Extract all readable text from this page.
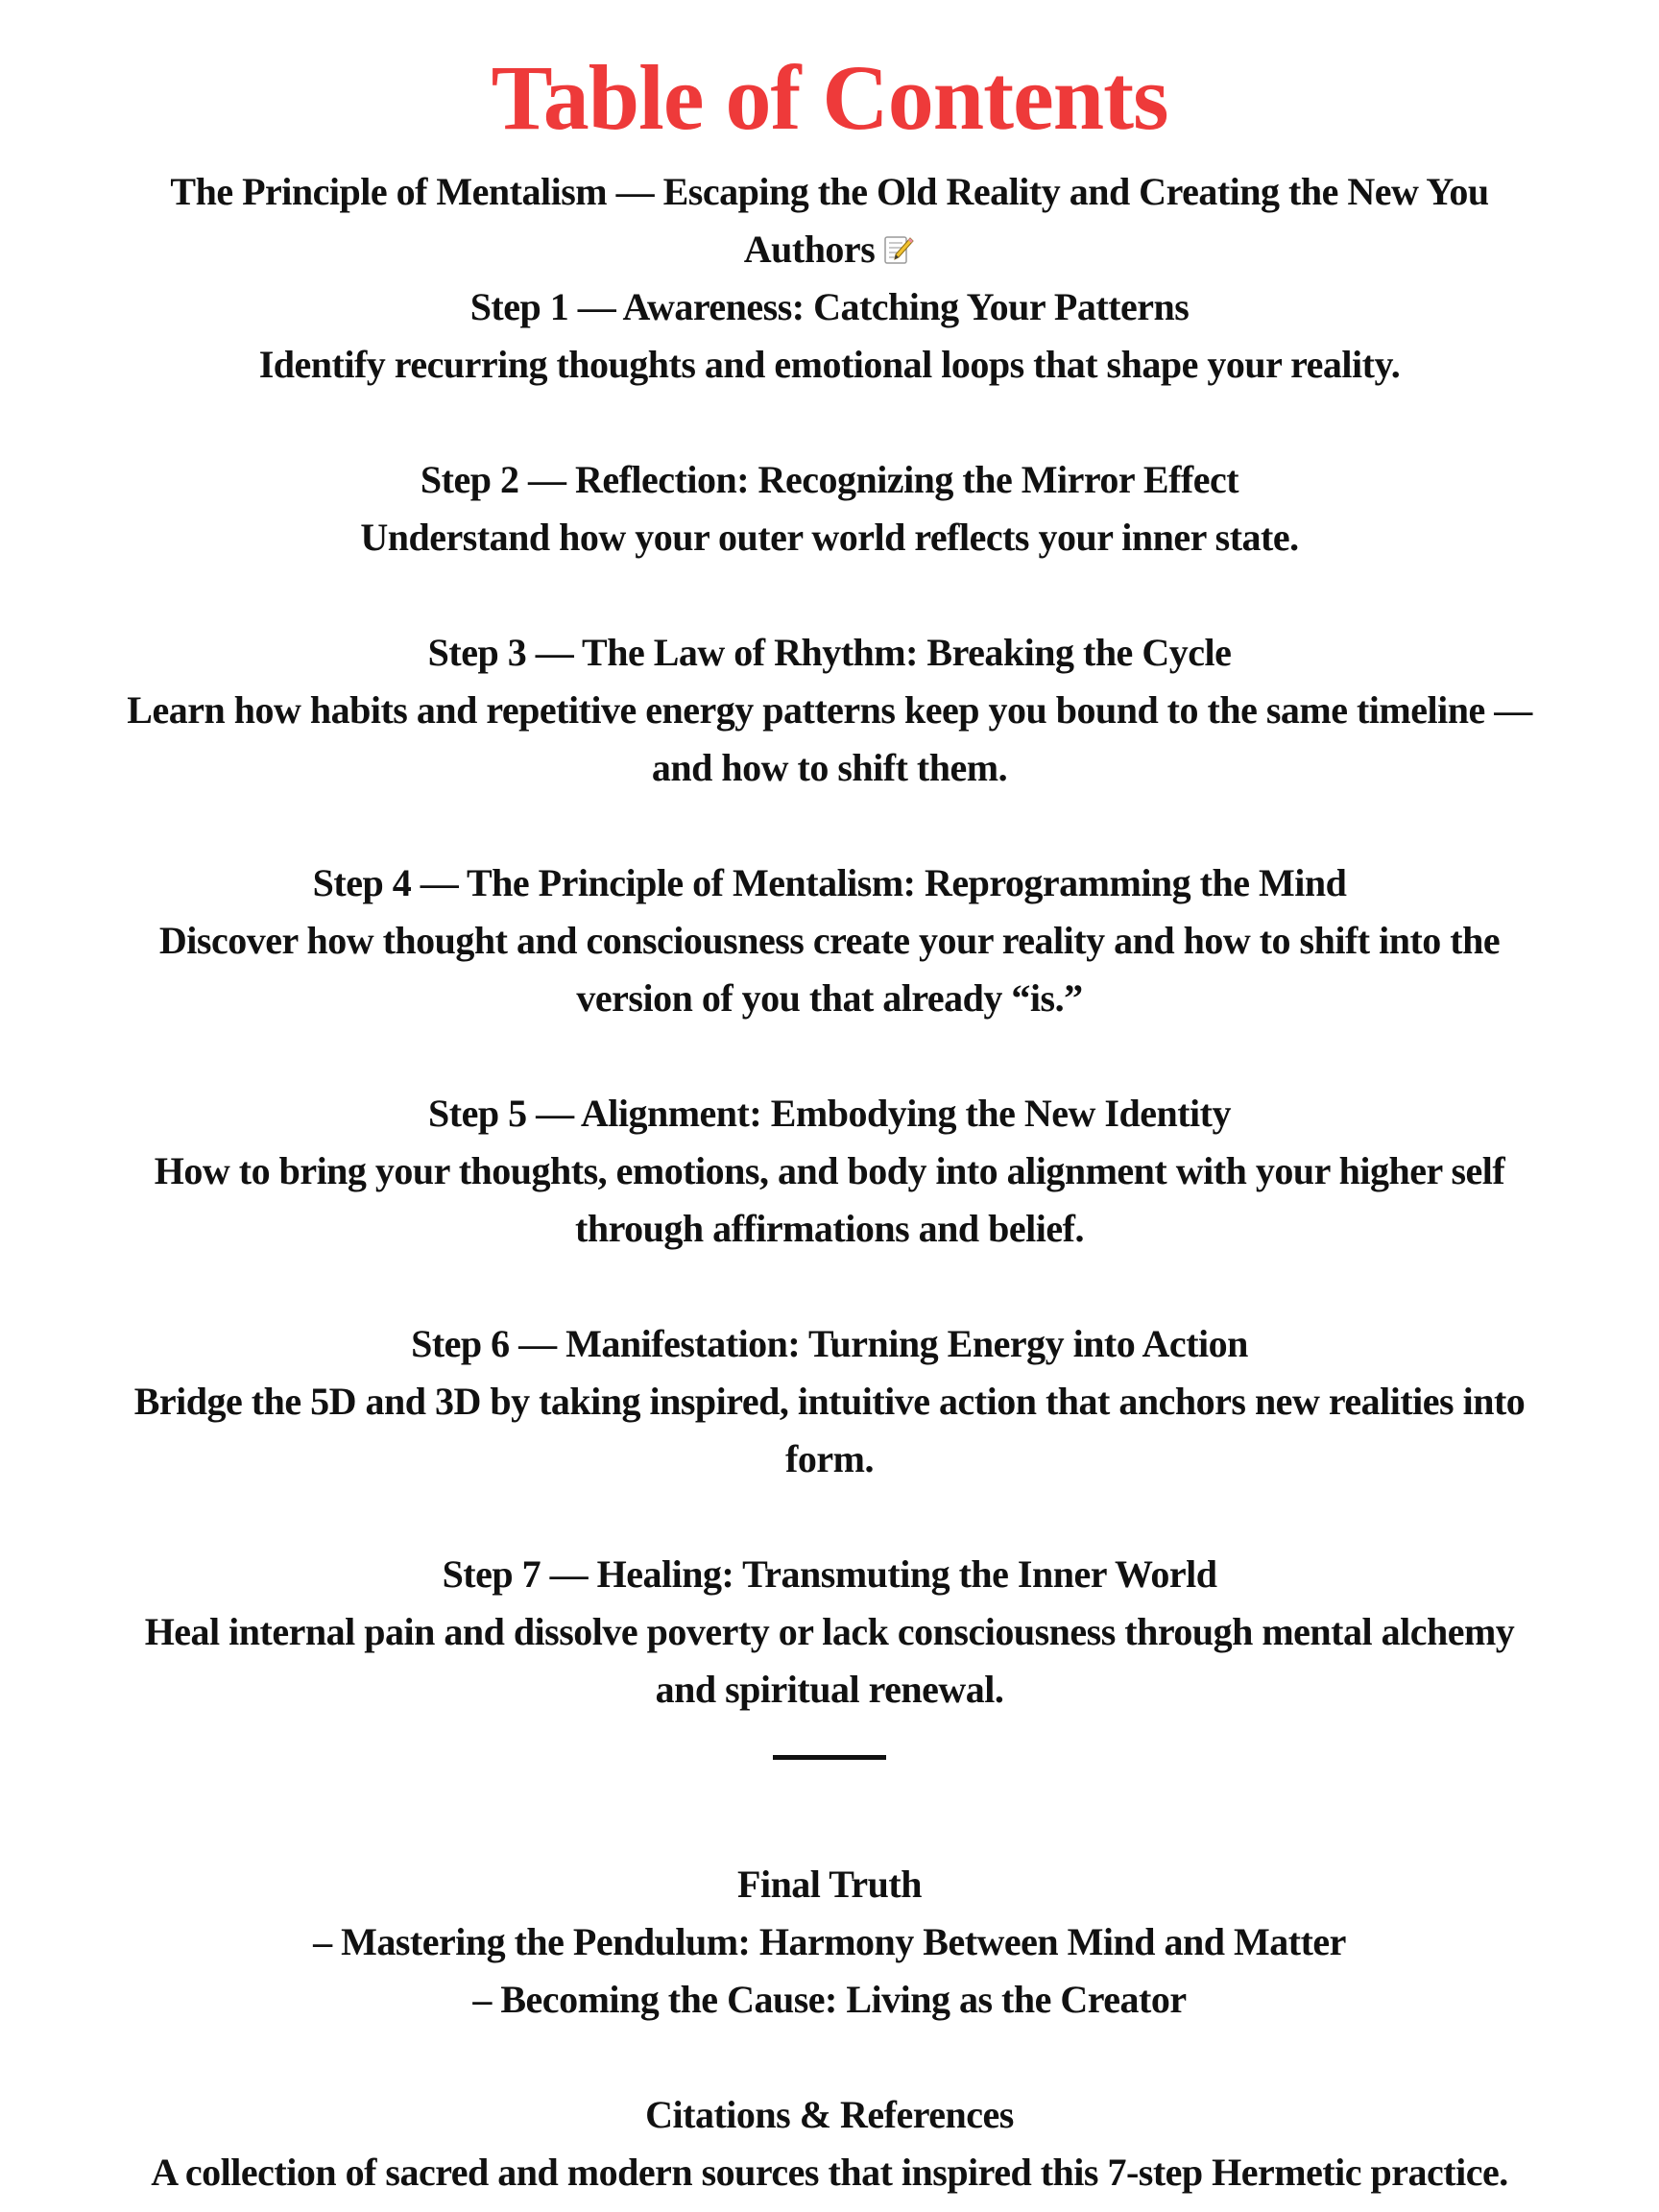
Table of Contents
The Principle of Mentalism — Escaping the Old Reality and Creating the New You
Authors
Step 1 — Awareness: Catching Your Patterns
Identify recurring thoughts and emotional loops that shape your reality.
Step 2 — Reflection: Recognizing the Mirror Effect
Understand how your outer world reflects your inner state.
Step 3 — The Law of Rhythm: Breaking the Cycle
Learn how habits and repetitive energy patterns keep you bound to the same timeline — and how to shift them.
Step 4 — The Principle of Mentalism: Reprogramming the Mind
Discover how thought and consciousness create your reality and how to shift into the version of you that already “is.”
Step 5 — Alignment: Embodying the New Identity
How to bring your thoughts, emotions, and body into alignment with your higher self through affirmations and belief.
Step 6 — Manifestation: Turning Energy into Action
Bridge the 5D and 3D by taking inspired, intuitive action that anchors new realities into form.
Step 7 — Healing: Transmuting the Inner World
Heal internal pain and dissolve poverty or lack consciousness through mental alchemy and spiritual renewal.
Final Truth
– Mastering the Pendulum: Harmony Between Mind and Matter
– Becoming the Cause: Living as the Creator
Citations & References
A collection of sacred and modern sources that inspired this 7-step Hermetic practice.
